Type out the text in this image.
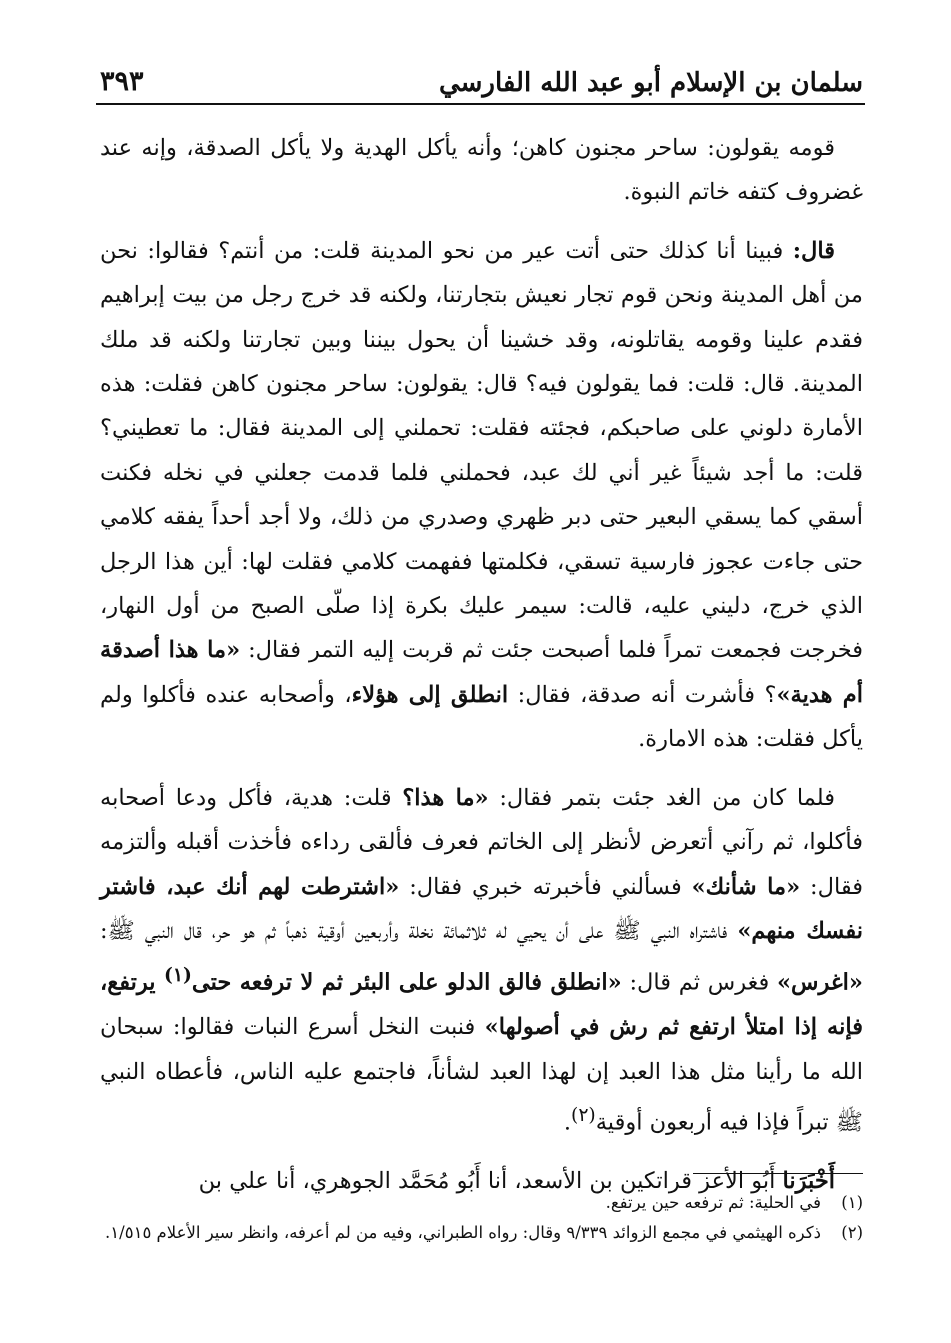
سلمان بن الإسلام أبو عبد الله الفارسي
٣٩٣

قومه يقولون: ساحر مجنون كاهن؛ وأنه يأكل الهدية ولا يأكل الصدقة، وإنه عند غضروف كتفه خاتم النبوة.

قال: فبينا أنا كذلك حتى أتت عير من نحو المدينة قلت: من أنتم؟ فقالوا: نحن من أهل المدينة ونحن قوم تجار نعيش بتجارتنا، ولكنه قد خرج رجل من بيت إبراهيم فقدم علينا وقومه يقاتلونه، وقد خشينا أن يحول بيننا وبين تجارتنا ولكنه قد ملك المدينة. قال: قلت: فما يقولون فيه؟ قال: يقولون: ساحر مجنون كاهن فقلت: هذه الأمارة دلوني على صاحبكم، فجئته فقلت: تحملني إلى المدينة فقال: ما تعطيني؟ قلت: ما أجد شيئاً غير أني لك عبد، فحملني فلما قدمت جعلني في نخله فكنت أسقي كما يسقي البعير حتى دبر ظهري وصدري من ذلك، ولا أجد أحداً يفقه كلامي حتى جاءت عجوز فارسية تسقي، فكلمتها ففهمت كلامي فقلت لها: أين هذا الرجل الذي خرج، دليني عليه، قالت: سيمر عليك بكرة إذا صلّى الصبح من أول النهار، فخرجت فجمعت تمراً فلما أصبحت جئت ثم قربت إليه التمر فقال: «ما هذا أصدقة أم هدية»؟ فأشرت أنه صدقة، فقال: انطلق إلى هؤلاء، وأصحابه عنده فأكلوا ولم يأكل فقلت: هذه الامارة.

فلما كان من الغد جئت بتمر فقال: «ما هذا؟ قلت: هدية، فأكل ودعا أصحابه فأكلوا، ثم رآني أتعرض لأنظر إلى الخاتم فعرف فألقى رداءه فأخذت أقبله وألتزمه فقال: «ما شأنك» فسألني فأخبرته خبري فقال: «اشترطت لهم أنك عبد، فاشتر نفسك منهم» فاشتراه النبي ﷺ على أن يحيي له ثلاثمائة نخلة وأربعين أوقية ذهباً ثم هو حر، قال النبي ﷺ: «اغرس» فغرس ثم قال: «انطلق فالق الدلو على البئر ثم لا ترفعه حتى$^{(١)}$ يرتفع، فإنه إذا امتلأ ارتفع ثم رش في أصولها» فنبت النخل أسرع النبات فقالوا: سبحان الله ما رأينا مثل هذا العبد إن لهذا العبد لشأناً، فاجتمع عليه الناس، فأعطاه النبي ﷺ تبراً فإذا فيه أربعون أوقية$^{(٢)}$.

أَخْبَرَنا أَبُو الأعز قراتكين بن الأسعد، أنا أَبُو مُحَمَّد الجوهري، أنا علي بن

(١)
في الحلية: ثم ترفعه حين يرتفع.
(٢)
ذكره الهيثمي في مجمع الزوائد ٩/٣٣٩ وقال: رواه الطبراني، وفيه من لم أعرفه، وانظر سير الأعلام ١/٥١٥.
